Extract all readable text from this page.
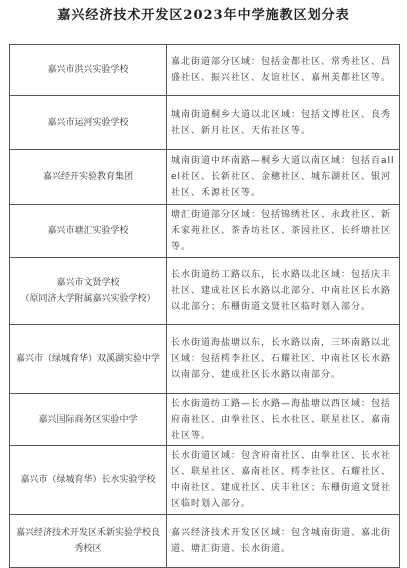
嘉兴经济技术开发区2023年中学施教区划分表
嘉兴市洪兴实验学校	嘉北街道部分区域：包括金都社区、常秀社区、昌盛社区、振兴社区、友谊社区、嘉州美都社区等。
嘉兴市运河实验学校	城南街道桐乡大道以北区域：包括文博社区、良秀社区、新月社区、天佑社区等。
嘉兴经开实验教育集团	城南街道中环南路—桐乡大道以南区域：包括百allel社区、长新社区、金穗社区、城东湖社区、银河社区、禾源社区等。
嘉兴市塘汇实验学校	塘汇街道部分区域：包括锦绣社区、永政社区、新禾家苑社区、茶香坊社区、茶园社区、长纤塘社区等。

嘉兴市文贤学校
（原同济大学附属嘉兴实验学校）	长水街道纺工路以东，长水路以北区域：包括庆丰社区、建成社区长水路以北部分、中南社区长水路以北部分；东栅街道文贤社区临时划入部分。
嘉兴市（绿城育华）双溪湖实验中学	长水街道海盐塘以东，长水路以南，三环南路以北区域：包括樗李社区、石耀社区、中南社区长水路以南部分、建成社区长水路以南部分。
嘉兴国际商务区实验中学	长水街道纺工路—长水路—海盐塘以西区域：包括府南社区、由拳社区、长水社区、联星社区、嘉南社区等。
嘉兴市（绿城育华）长水实验学校	长水街道区域：包含府南社区、由拳社区、长水社区、联星社区、嘉南社区、樗李社区、石耀社区、中南社区、建成社区、庆丰社区；东栅街道文贤社区临时划入部分。
嘉兴经济技术开发区禾新实验学校良秀校区	嘉兴经济技术开发区区域：包含城南街道、嘉北街道、塘汇街道、长水街道。
